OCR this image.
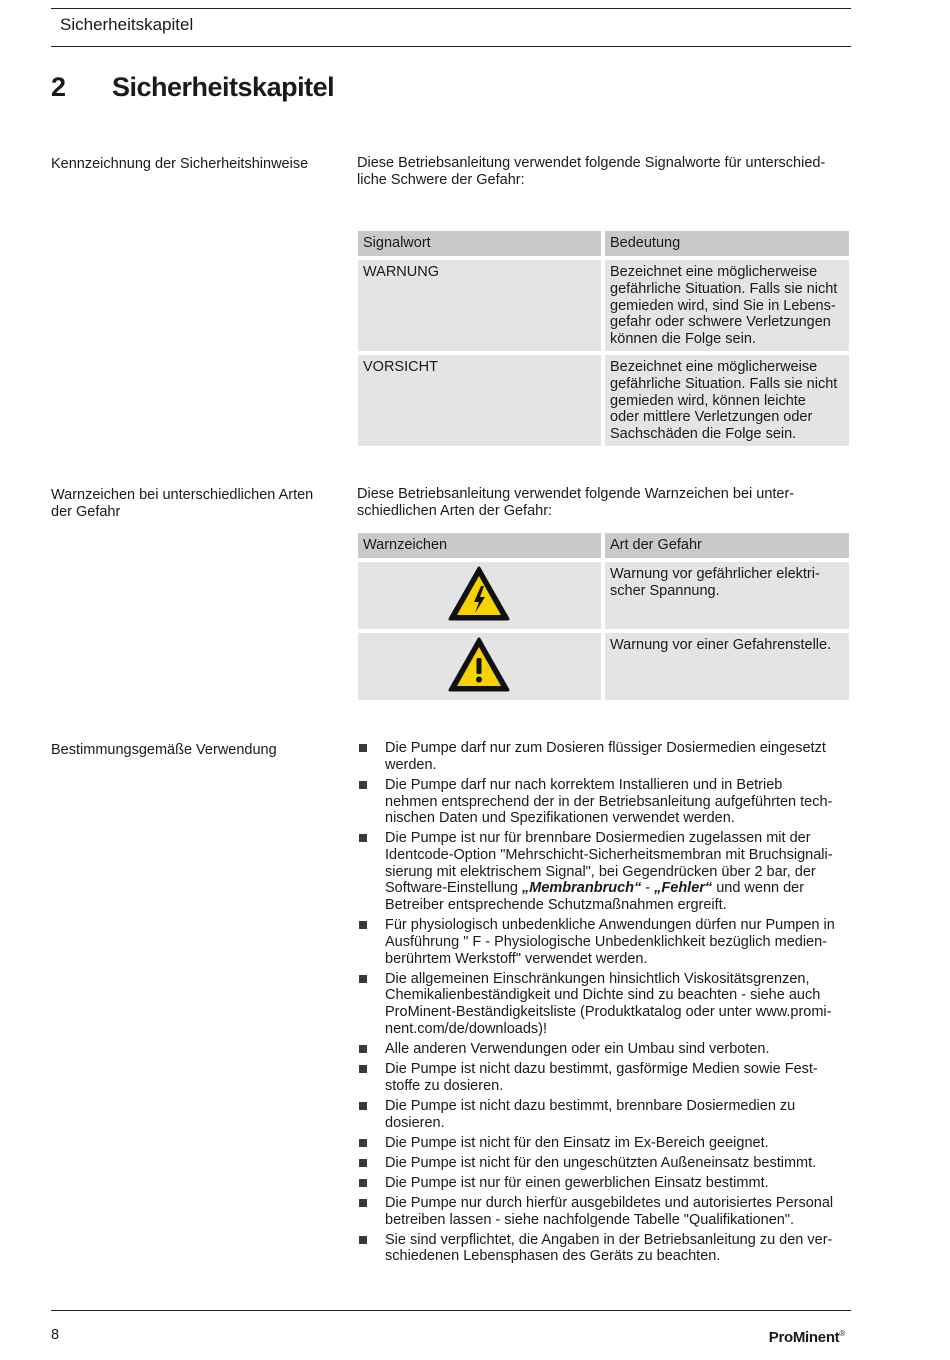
Sicherheitskapitel
2 Sicherheitskapitel
Kennzeichnung der Sicherheitshinweise	Diese Betriebsanleitung verwendet folgende Signalworte für unterschied-
liche Schwere der Gefahr:
Signalwort	Bedeutung
WARNUNG	Bezeichnet eine möglicherweise
gefährliche Situation. Falls sie nicht
gemieden wird, sind Sie in Lebens-
gefahr oder schwere Verletzungen
können die Folge sein.
VORSICHT	Bezeichnet eine möglicherweise
gefährliche Situation. Falls sie nicht
gemieden wird, können leichte
oder mittlere Verletzungen oder
Sachschäden die Folge sein.
Warnzeichen bei unterschiedlichen Arten der Gefahr
Diese Betriebsanleitung verwendet folgende Warnzeichen bei unter-
schiedlichen Arten der Gefahr:
Warnzeichen	Art der Gefahr
Warnung vor gefährlicher elektri-
scher Spannung.
Warnung vor einer Gefahrenstelle.
Bestimmungsgemäße Verwendung	Die Pumpe darf nur zum Dosieren flüssiger Dosiermedien eingesetzt
werden.
Die Pumpe darf nur nach korrektem Installieren und in Betrieb
nehmen entsprechend der in der Betriebsanleitung aufgeführten tech-
nischen Daten und Spezifikationen verwendet werden.
Die Pumpe ist nur für brennbare Dosiermedien zugelassen mit der
Identcode-Option "Mehrschicht-Sicherheitsmembran mit Bruchsignali-
sierung mit elektrischem Signal", bei Gegendrücken über 2 bar, der
Software-Einstellung „Membranbruch“ - „Fehler“ und wenn der
Betreiber entsprechende Schutzmaßnahmen ergreift.
Für physiologisch unbedenkliche Anwendungen dürfen nur Pumpen in
Ausführung " F - Physiologische Unbedenklichkeit bezüglich medien-
berührtem Werkstoff" verwendet werden.
Die allgemeinen Einschränkungen hinsichtlich Viskositätsgrenzen,
Chemikalienbeständigkeit und Dichte sind zu beachten - siehe auch
ProMinent-Beständigkeitsliste (Produktkatalog oder unter www.promi-
nent.com/de/downloads)!
Alle anderen Verwendungen oder ein Umbau sind verboten.
Die Pumpe ist nicht dazu bestimmt, gasförmige Medien sowie Fest-
stoffe zu dosieren.
Die Pumpe ist nicht dazu bestimmt, brennbare Dosiermedien zu
dosieren.
Die Pumpe ist nicht für den Einsatz im Ex-Bereich geeignet.
Die Pumpe ist nicht für den ungeschützten Außeneinsatz bestimmt.
Die Pumpe ist nur für einen gewerblichen Einsatz bestimmt.
Die Pumpe nur durch hierfür ausgebildetes und autorisiertes Personal
betreiben lassen - siehe nachfolgende Tabelle "Qualifikationen".
Sie sind verpflichtet, die Angaben in der Betriebsanleitung zu den ver-
schiedenen Lebensphasen des Geräts zu beachten.
8	ProMinent®
